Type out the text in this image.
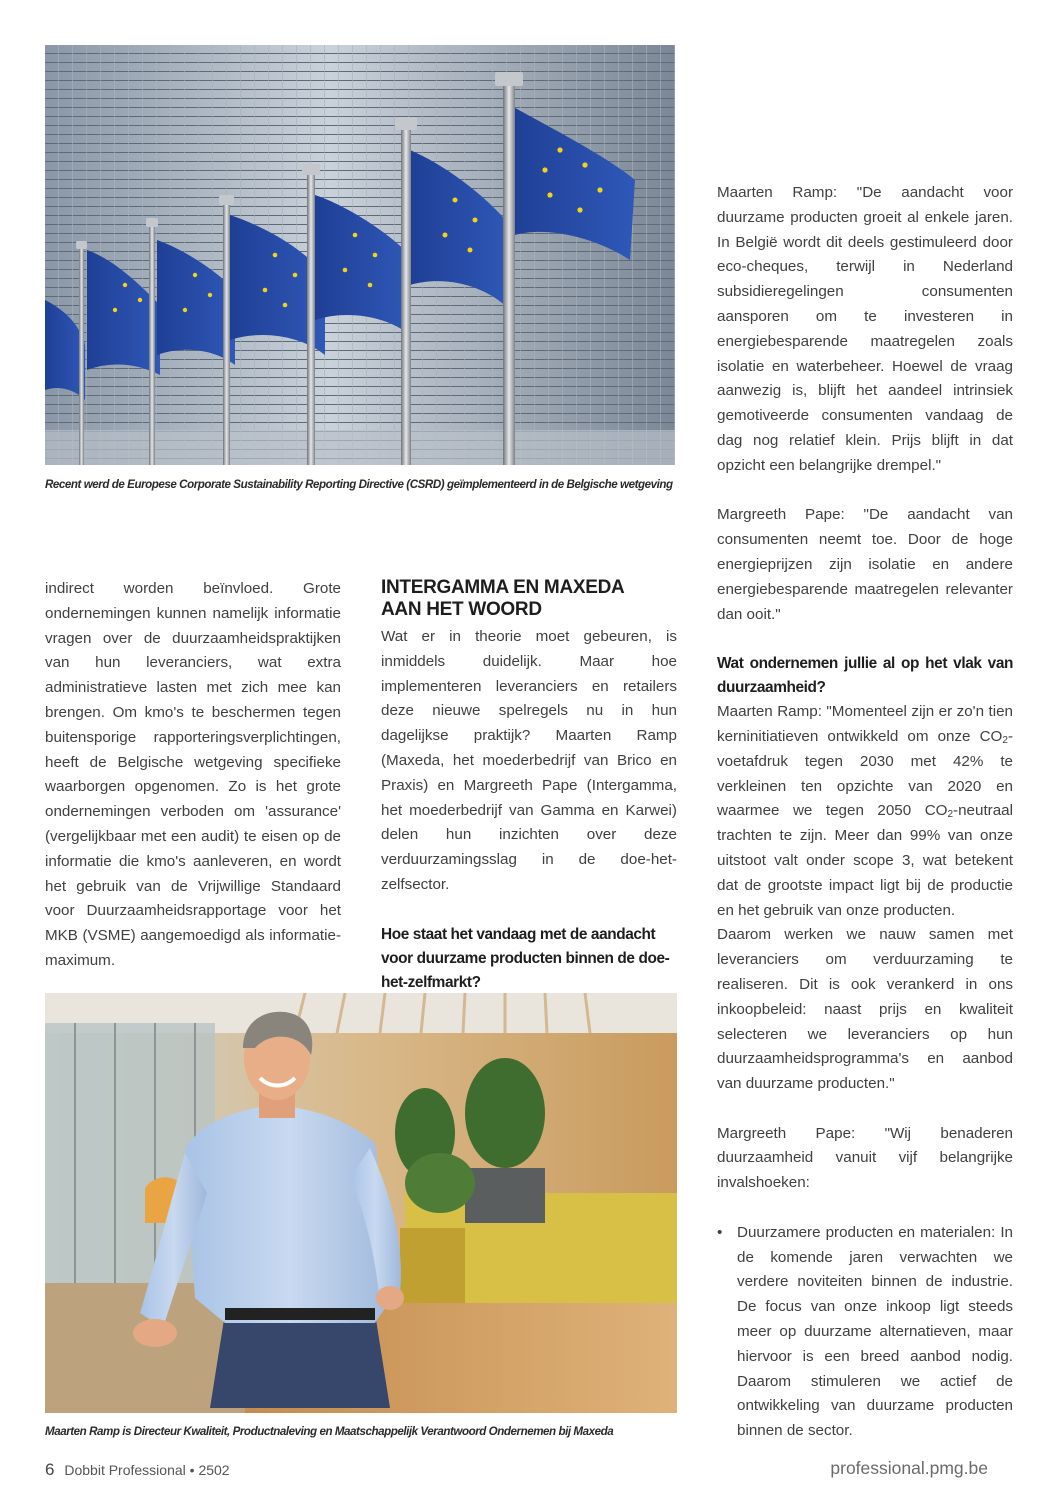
Recent werd de Europese Corporate Sustainability Reporting Directive (CSRD) geïmplementeerd in de Belgische wetgeving

indirect worden beïnvloed. Grote ondernemingen kunnen namelijk informatie vragen over de duurzaamheidspraktijken van hun leveranciers, wat extra administratieve lasten met zich mee kan brengen. Om kmo's te beschermen tegen buitensporige rapporteringsverplichtingen, heeft de Belgische wetgeving specifieke waarborgen opgenomen. Zo is het grote ondernemingen verboden om 'assurance' (vergelijkbaar met een audit) te eisen op de informatie die kmo's aanleveren, en wordt het gebruik van de Vrijwillige Standaard voor Duurzaamheidsrapportage voor het MKB (VSME) aangemoedigd als informatie-maximum.

INTERGAMMA EN MAXEDA
AAN HET WOORD

Wat er in theorie moet gebeuren, is inmiddels duidelijk. Maar hoe implementeren leveranciers en retailers deze nieuwe spelregels nu in hun dagelijkse praktijk? Maarten Ramp (Maxeda, het moederbedrijf van Brico en Praxis) en Margreeth Pape (Intergamma, het moederbedrijf van Gamma en Karwei) delen hun inzichten over deze verduurzamingsslag in de doe-het-zelfsector.

Hoe staat het vandaag met de aandacht voor duurzame producten binnen de doe-het-zelfmarkt?
Maarten Ramp is Directeur Kwaliteit, Productnaleving en Maatschappelijk Verantwoord Ondernemen bij Maxeda

Maarten Ramp: "De aandacht voor duurzame producten groeit al enkele jaren. In België wordt dit deels gestimuleerd door eco-cheques, terwijl in Nederland subsidieregelingen consumenten aansporen om te investeren in energiebesparende maatregelen zoals isolatie en waterbeheer. Hoewel de vraag aanwezig is, blijft het aandeel intrinsiek gemotiveerde consumenten vandaag de dag nog relatief klein. Prijs blijft in dat opzicht een belangrijke drempel."

Margreeth Pape: "De aandacht van consumenten neemt toe. Door de hoge energieprijzen zijn isolatie en andere energiebesparende maatregelen relevanter dan ooit."

Wat ondernemen jullie al op het vlak van duurzaamheid?

Maarten Ramp: "Momenteel zijn er zo'n tien kerninitiatieven ontwikkeld om onze $CO_2$-voetafdruk tegen 2030 met 42% te verkleinen ten opzichte van 2020 en waarmee we tegen 2050 $CO_2$-neutraal trachten te zijn. Meer dan 99% van onze uitstoot valt onder scope 3, wat betekent dat de grootste impact ligt bij de productie en het gebruik van onze producten.

Daarom werken we nauw samen met leveranciers om verduurzaming te realiseren. Dit is ook verankerd in ons inkoopbeleid: naast prijs en kwaliteit selecteren we leveranciers op hun duurzaamheidsprogramma's en aanbod van duurzame producten."

Margreeth Pape: "Wij benaderen duurzaamheid vanuit vijf belangrijke invalshoeken:

• Duurzamere producten en materialen: In de komende jaren verwachten we verdere noviteiten binnen de industrie. De focus van onze inkoop ligt steeds meer op duurzame alternatieven, maar hiervoor is een breed aanbod nodig. Daarom stimuleren we actief de ontwikkeling van duurzame producten binnen de sector.
6 Dobbit Professional • 2502	professional.pmg.be
